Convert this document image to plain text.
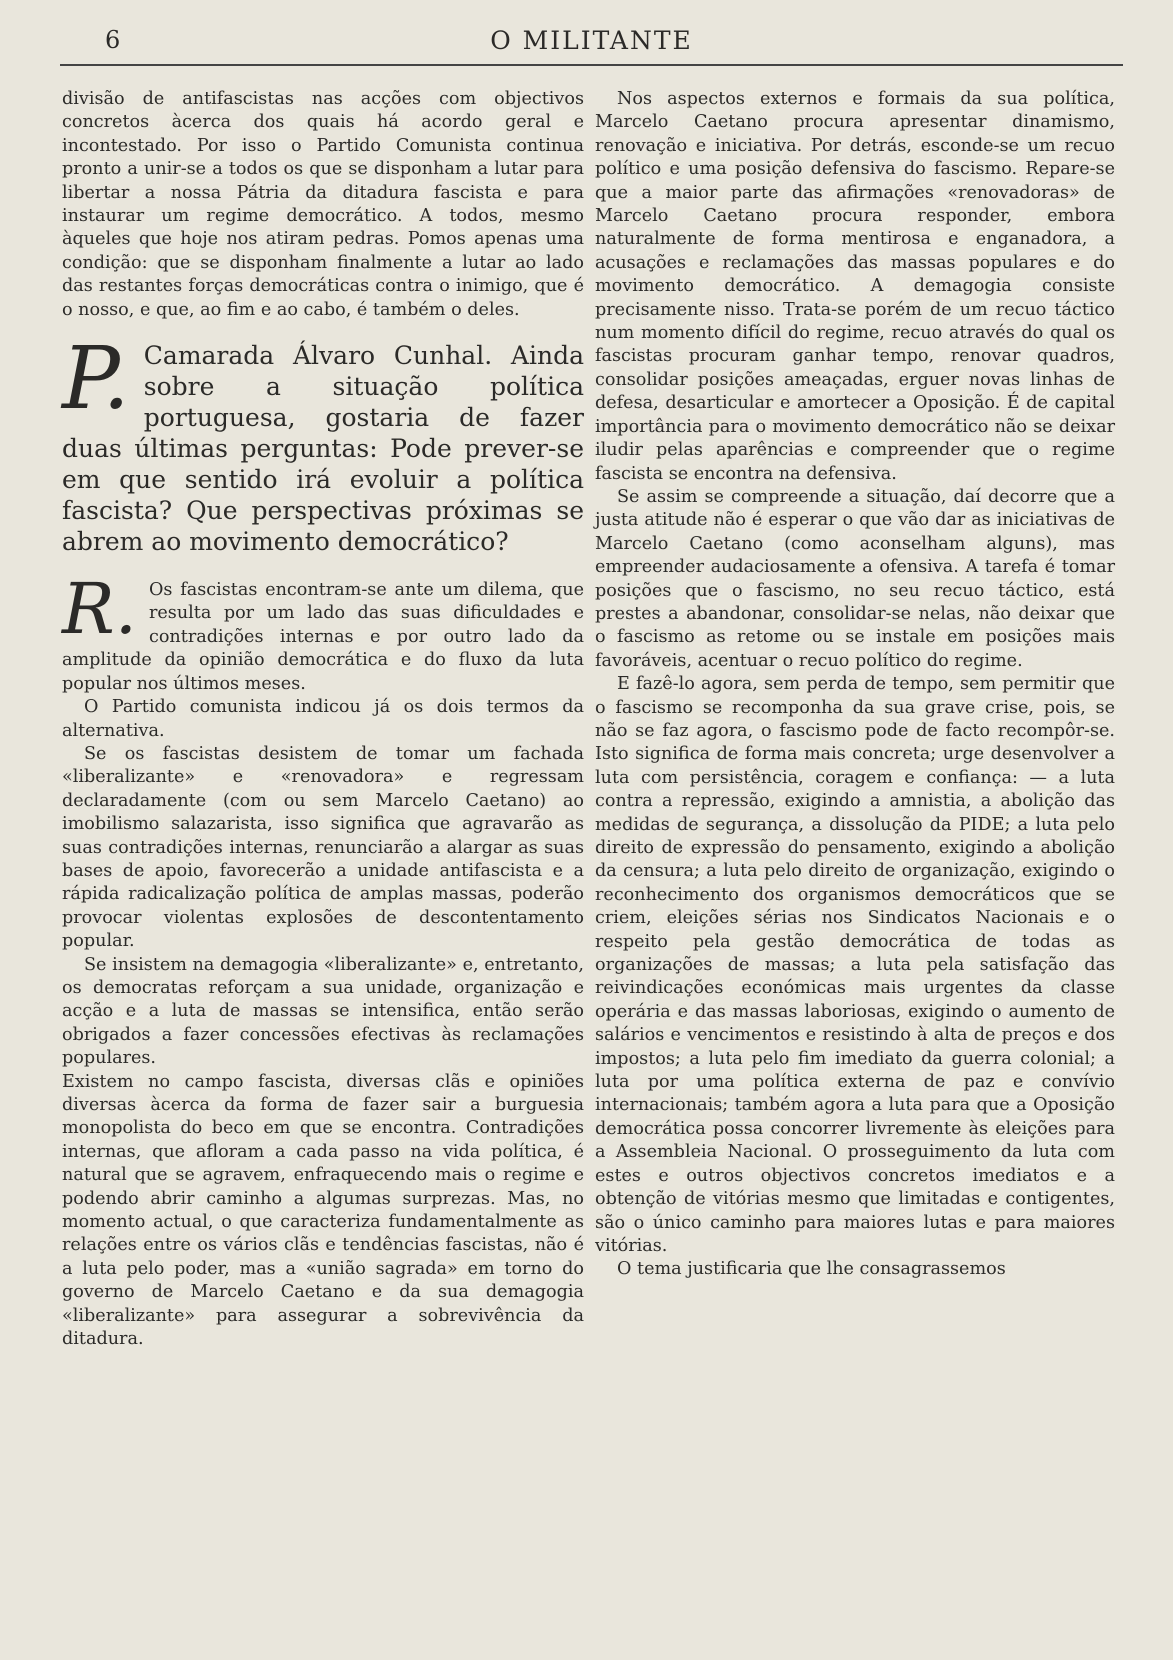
6	O MILITANTE

divisão de antifascistas nas acções com objectivos concretos àcerca dos quais há acordo geral e incontestado. Por isso o Partido Comunista continua pronto a unir-se a todos os que se disponham a lutar para libertar a nossa Pátria da ditadura fascista e para instaurar um regime democrático. A todos, mesmo àqueles que hoje nos atiram pedras. Pomos apenas uma condição: que se disponham finalmente a lutar ao lado das restantes forças democráticas contra o inimigo, que é o nosso, e que, ao fim e ao cabo, é também o deles.

P. Camarada Álvaro Cunhal. Ainda sobre a situação política portuguesa, gostaria de fazer duas últimas perguntas: Pode prever-se em que sentido irá evoluir a política fascista? Que perspectivas próximas se abrem ao movimento democrático?
R. Os fascistas encontram-se ante um dilema, que resulta por um lado das suas dificuldades e contradições internas e por outro lado da amplitude da opinião democrática e do fluxo da luta popular nos últimos meses.

O Partido comunista indicou já os dois termos da alternativa.

Se os fascistas desistem de tomar um fachada «liberalizante» e «renovadora» e regressam declaradamente (com ou sem Marcelo Caetano) ao imobilismo salazarista, isso significa que agravarão as suas contradições internas, renunciarão a alargar as suas bases de apoio, favorecerão a unidade antifascista e a rápida radicalização política de amplas massas, poderão provocar violentas explosões de descontentamento popular.

Se insistem na demagogia «liberalizante» e, entretanto, os democratas reforçam a sua unidade, organização e acção e a luta de massas se intensifica, então serão obrigados a fazer concessões efectivas às reclamações populares.

Existem no campo fascista, diversas clãs e opiniões diversas àcerca da forma de fazer sair a burguesia monopolista do beco em que se encontra. Contradições internas, que afloram a cada passo na vida política, é natural que se agravem, enfraquecendo mais o regime e podendo abrir caminho a algumas surprezas. Mas, no momento actual, o que caracteriza fundamentalmente as relações entre os vários clãs e tendências fascistas, não é a luta pelo poder, mas a «união sagrada» em torno do governo de Marcelo Caetano e da sua demagogia «liberalizante» para assegurar a sobrevivência da ditadura.

Nos aspectos externos e formais da sua política, Marcelo Caetano procura apresentar dinamismo, renovação e iniciativa. Por detrás, esconde-se um recuo político e uma posição defensiva do fascismo. Repare-se que a maior parte das afirmações «renovadoras» de Marcelo Caetano procura responder, embora naturalmente de forma mentirosa e enganadora, a acusações e reclamações das massas populares e do movimento democrático. A demagogia consiste precisamente nisso. Trata-se porém de um recuo táctico num momento difícil do regime, recuo através do qual os fascistas procuram ganhar tempo, renovar quadros, consolidar posições ameaçadas, erguer novas linhas de defesa, desarticular e amortecer a Oposição. É de capital importância para o movimento democrático não se deixar iludir pelas aparências e compreender que o regime fascista se encontra na defensiva.

Se assim se compreende a situação, daí decorre que a justa atitude não é esperar o que vão dar as iniciativas de Marcelo Caetano (como aconselham alguns), mas empreender audaciosamente a ofensiva. A tarefa é tomar posições que o fascismo, no seu recuo táctico, está prestes a abandonar, consolidar-se nelas, não deixar que o fascismo as retome ou se instale em posições mais favoráveis, acentuar o recuo político do regime.

E fazê-lo agora, sem perda de tempo, sem permitir que o fascismo se recomponha da sua grave crise, pois, se não se faz agora, o fascismo pode de facto recompôr-se. Isto significa de forma mais concreta; urge desenvolver a luta com persistência, coragem e confiança: — a luta contra a repressão, exigindo a amnistia, a abolição das medidas de segurança, a dissolução da PIDE; a luta pelo direito de expressão do pensamento, exigindo a abolição da censura; a luta pelo direito de organização, exigindo o reconhecimento dos organismos democráticos que se criem, eleições sérias nos Sindicatos Nacionais e o respeito pela gestão democrática de todas as organizações de massas; a luta pela satisfação das reivindicações económicas mais urgentes da classe operária e das massas laboriosas, exigindo o aumento de salários e vencimentos e resistindo à alta de preços e dos impostos; a luta pelo fim imediato da guerra colonial; a luta por uma política externa de paz e convívio internacionais; também agora a luta para que a Oposição democrática possa concorrer livremente às eleições para a Assembleia Nacional. O prosseguimento da luta com estes e outros objectivos concretos imediatos e a obtenção de vitórias mesmo que limitadas e contigentes, são o único caminho para maiores lutas e para maiores vitórias.

O tema justificaria que lhe consagrassemos
